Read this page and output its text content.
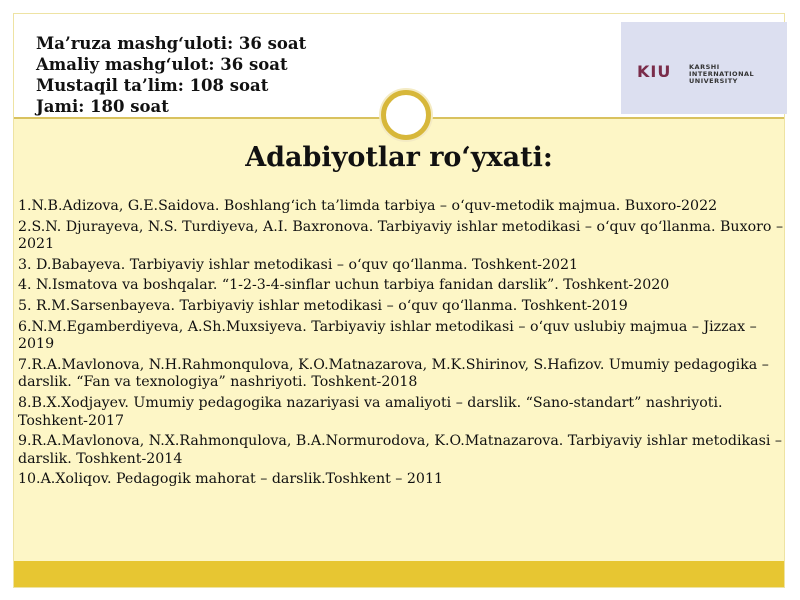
Ma’ruza mashg‘uloti: 36 soat
Amaliy mashg‘ulot: 36 soat
Mustaqil ta’lim: 108 soat
Jami: 180 soat
KIU	KARSHI
INTERNATIONAL
UNIVERSITY
Adabiyotlar ro‘yxati:
1.N.B.Adizova, G.E.Saidova. Boshlang‘ich ta’limda tarbiya – o‘quv-metodik majmua. Buxoro-2022
2.S.N. Djurayeva, N.S. Turdiyeva, A.I. Baxronova. Tarbiyaviy ishlar metodikasi – o‘quv qo‘llanma. Buxoro – 2021
3. D.Babayeva. Tarbiyaviy ishlar metodikasi – o‘quv qo‘llanma. Toshkent-2021
4. N.Ismatova va boshqalar. “1-2-3-4-sinflar uchun tarbiya fanidan darslik”. Toshkent-2020
5. R.M.Sarsenbayeva. Tarbiyaviy ishlar metodikasi – o‘quv qo‘llanma. Toshkent-2019
6.N.M.Egamberdiyeva, A.Sh.Muxsiyeva. Tarbiyaviy ishlar metodikasi – o‘quv uslubiy majmua – Jizzax – 2019
7.R.A.Mavlonova, N.H.Rahmonqulova, K.O.Matnazarova, M.K.Shirinov, S.Hafizov. Umumiy pedagogika – darslik. “Fan va texnologiya” nashriyoti. Toshkent-2018
8.B.X.Xodjayev. Umumiy pedagogika nazariyasi va amaliyoti – darslik. “Sano-standart” nashriyoti. Toshkent-2017
9.R.A.Mavlonova, N.X.Rahmonqulova, B.A.Normurodova, K.O.Matnazarova. Tarbiyaviy ishlar metodikasi – darslik. Toshkent-2014
10.A.Xoliqov. Pedagogik mahorat – darslik.Toshkent – 2011
